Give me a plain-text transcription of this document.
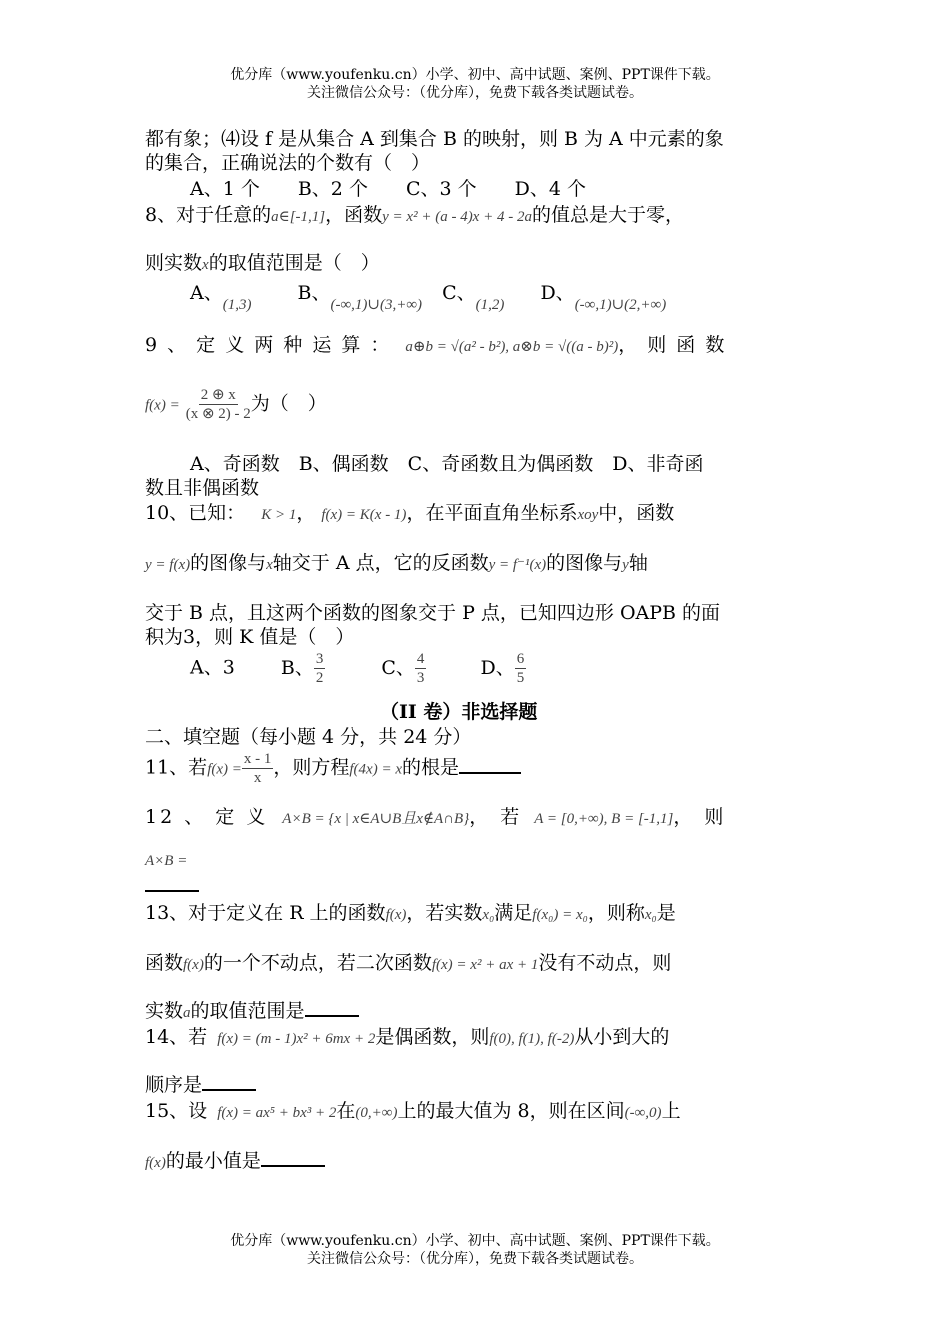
优分库（www.youfenku.cn）小学、初中、高中试题、案例、PPT课件下载。
关注微信公众号：（优分库），免费下载各类试题试卷。
都有象；⑷设 f 是从集合 A 到集合 B 的映射，则 B 为 A 中元素的象
的集合，正确说法的个数有（　）
A、1 个　　B、2 个　　C、3 个　　D、4 个
8、对于任意的a∈[-1,1]，函数y = x² + (a - 4)x + 4 - 2a的值总是大于零，
则实数x的取值范围是（　）
A、$_{(1,3)}$ B、$_{(-\infty,1)\cup(3,+\infty)}$ C、$_{(1,2)}$ D、$_{(-\infty,1)\cup(2,+\infty)}$
9 、 定 义 两 种 运 算 ： a⊕b = √(a² - b²), a⊗b = √((a - b)²)， 则 函 数
$f(x) = \frac{2 \oplus x}{(x \otimes 2) - 2}$ 为（　）
A、奇函数　B、偶函数　C、奇函数且为偶函数　D、非奇函
数且非偶函数
10、已知： K > 1， f(x) = K(x - 1)，在平面直角坐标系xoy中，函数
y = f(x)的图像与x轴交于 A 点，它的反函数y = f⁻¹(x)的图像与y轴
交于 B 点，且这两个函数的图象交于 P 点，已知四边形 OAPB 的面
积为3，则 K 值是（　）
A、3 B、 $\frac{3}{2}$	C、 $\frac{4}{3}$	D、 $\frac{6}{5}$
（II 卷）非选择题
二、填空题（每小题 4 分，共 24 分）
11、若$f(x) = \frac{x - 1}{x}$ ，则方程f(4x) = x的根是
12 、 定 义 A×B = {x | x∈A∪B且x∉A∩B}， 若 A = [0,+∞), B = [-1,1]， 则
A×B =
13、对于定义在 R 上的函数f(x)，若实数x₀满足f(x₀) = x₀，则称x₀是
函数f(x)的一个不动点，若二次函数f(x) = x² + ax + 1没有不动点，则
实数a的取值范围是
14、若 f(x) = (m - 1)x² + 6mx + 2是偶函数，则f(0), f(1), f(-2)从小到大的
顺序是
15、设 f(x) = ax⁵ + bx³ + 2在(0,+∞)上的最大值为 8，则在区间(-∞,0)上
f(x)的最小值是
优分库（www.youfenku.cn）小学、初中、高中试题、案例、PPT课件下载。
关注微信公众号：（优分库），免费下载各类试题试卷。
